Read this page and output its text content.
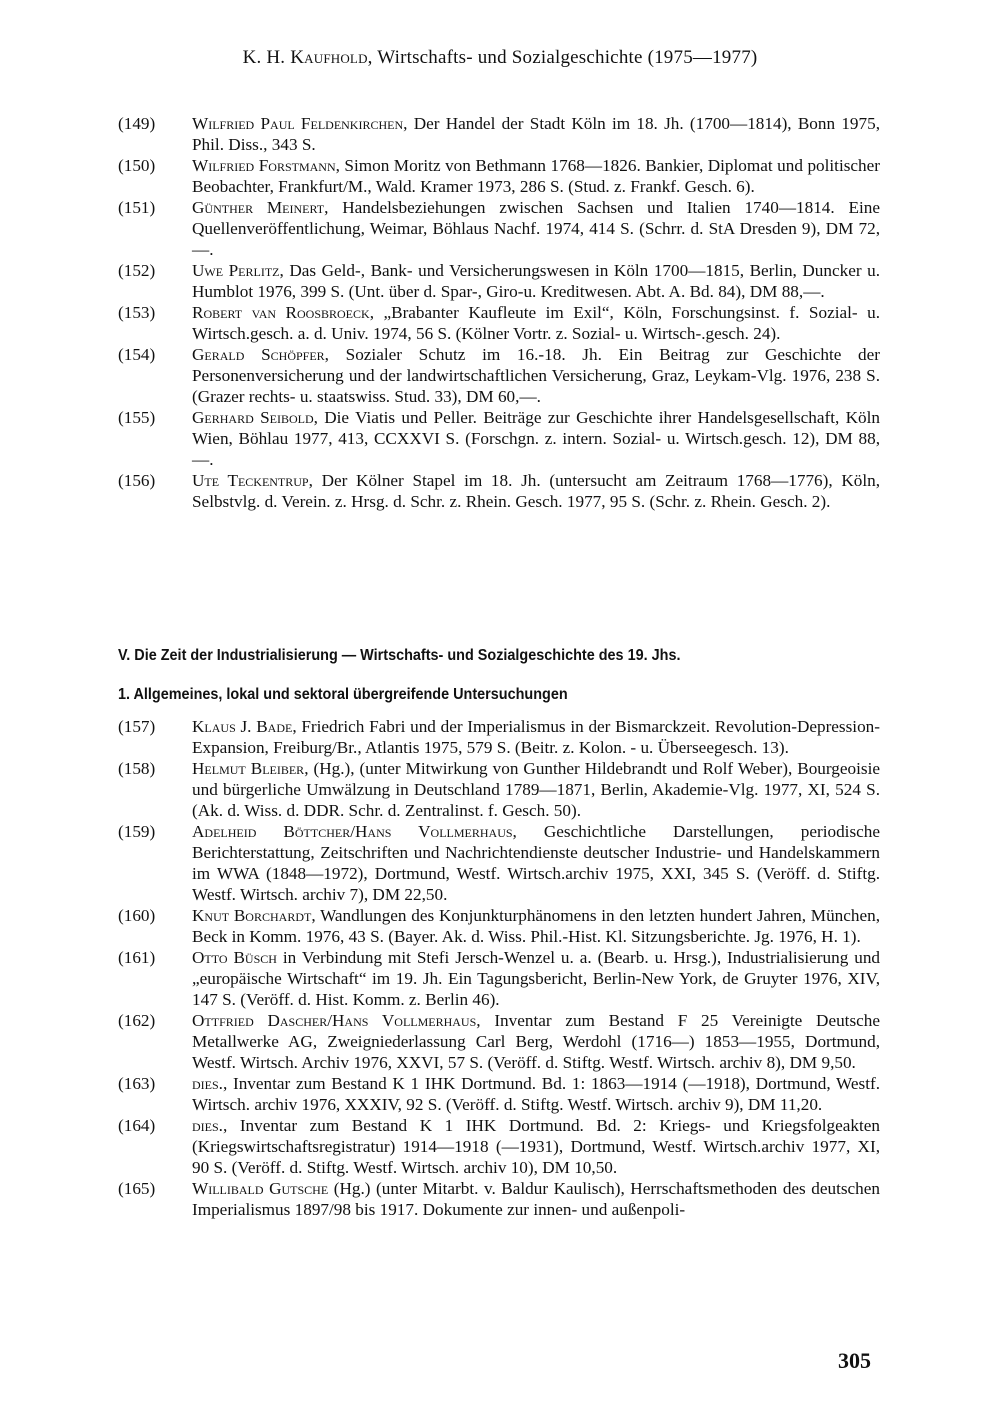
K. H. Kaufhold, Wirtschafts- und Sozialgeschichte (1975—1977)

(149) Wilfried Paul Feldenkirchen, Der Handel der Stadt Köln im 18. Jh. (1700—1814), Bonn 1975, Phil. Diss., 343 S.

(150) Wilfried Forstmann, Simon Moritz von Bethmann 1768—1826. Bankier, Diplomat und politischer Beobachter, Frankfurt/M., Wald. Kramer 1973, 286 S. (Stud. z. Frankf. Gesch. 6).

(151) Günther Meinert, Handelsbeziehungen zwischen Sachsen und Italien 1740—1814. Eine Quellenveröffentlichung, Weimar, Böhlaus Nachf. 1974, 414 S. (Schrr. d. StA Dresden 9), DM 72,—.

(152) Uwe Perlitz, Das Geld-, Bank- und Versicherungswesen in Köln 1700—1815, Berlin, Duncker u. Humblot 1976, 399 S. (Unt. über d. Spar-, Giro-u. Kreditwesen. Abt. A. Bd. 84), DM 88,—.

(153) Robert van Roosbroeck, „Brabanter Kaufleute im Exil“, Köln, Forschungsinst. f. Sozial- u. Wirtsch.gesch. a. d. Univ. 1974, 56 S. (Kölner Vortr. z. Sozial- u. Wirtsch-.gesch. 24).

(154) Gerald Schöpfer, Sozialer Schutz im 16.-18. Jh. Ein Beitrag zur Geschichte der Personenversicherung und der landwirtschaftlichen Versicherung, Graz, Leykam-Vlg. 1976, 238 S. (Grazer rechts- u. staatswiss. Stud. 33), DM 60,—.

(155) Gerhard Seibold, Die Viatis und Peller. Beiträge zur Geschichte ihrer Handelsgesellschaft, Köln Wien, Böhlau 1977, 413, CCXXVI S. (Forschgn. z. intern. Sozial- u. Wirtsch.gesch. 12), DM 88,—.

(156) Ute Teckentrup, Der Kölner Stapel im 18. Jh. (untersucht am Zeitraum 1768—1776), Köln, Selbstvlg. d. Verein. z. Hrsg. d. Schr. z. Rhein. Gesch. 1977, 95 S. (Schr. z. Rhein. Gesch. 2).

V. Die Zeit der Industrialisierung — Wirtschafts- und Sozialgeschichte des 19. Jhs.
1. Allgemeines, lokal und sektoral übergreifende Untersuchungen

(157) Klaus J. Bade, Friedrich Fabri und der Imperialismus in der Bismarckzeit. Revolution-Depression-Expansion, Freiburg/Br., Atlantis 1975, 579 S. (Beitr. z. Kolon. - u. Überseegesch. 13).

(158) Helmut Bleiber, (Hg.), (unter Mitwirkung von Gunther Hildebrandt und Rolf Weber), Bourgeoisie und bürgerliche Umwälzung in Deutschland 1789—1871, Berlin, Akademie-Vlg. 1977, XI, 524 S. (Ak. d. Wiss. d. DDR. Schr. d. Zentralinst. f. Gesch. 50).

(159) Adelheid Böttcher/Hans Vollmerhaus, Geschichtliche Darstellungen, periodische Berichterstattung, Zeitschriften und Nachrichtendienste deutscher Industrie- und Handelskammern im WWA (1848—1972), Dortmund, Westf. Wirtsch.archiv 1975, XXI, 345 S. (Veröff. d. Stiftg. Westf. Wirtsch. archiv 7), DM 22,50.

(160) Knut Borchardt, Wandlungen des Konjunkturphänomens in den letzten hundert Jahren, München, Beck in Komm. 1976, 43 S. (Bayer. Ak. d. Wiss. Phil.-Hist. Kl. Sitzungsberichte. Jg. 1976, H. 1).

(161) Otto Büsch in Verbindung mit Stefi Jersch-Wenzel u. a. (Bearb. u. Hrsg.), Industrialisierung und „europäische Wirtschaft“ im 19. Jh. Ein Tagungsbericht, Berlin-New York, de Gruyter 1976, XIV, 147 S. (Veröff. d. Hist. Komm. z. Berlin 46).

(162) Ottfried Dascher/Hans Vollmerhaus, Inventar zum Bestand F 25 Vereinigte Deutsche Metallwerke AG, Zweigniederlassung Carl Berg, Werdohl (1716—) 1853—1955, Dortmund, Westf. Wirtsch. Archiv 1976, XXVI, 57 S. (Veröff. d. Stiftg. Westf. Wirtsch. archiv 8), DM 9,50.

(163) dies., Inventar zum Bestand K 1 IHK Dortmund. Bd. 1: 1863—1914 (—1918), Dortmund, Westf. Wirtsch. archiv 1976, XXXIV, 92 S. (Veröff. d. Stiftg. Westf. Wirtsch. archiv 9), DM 11,20.

(164) dies., Inventar zum Bestand K 1 IHK Dortmund. Bd. 2: Kriegs- und Kriegsfolgeakten (Kriegswirtschaftsregistratur) 1914—1918 (—1931), Dortmund, Westf. Wirtsch.archiv 1977, XI, 90 S. (Veröff. d. Stiftg. Westf. Wirtsch. archiv 10), DM 10,50.

(165) Willibald Gutsche (Hg.) (unter Mitarbt. v. Baldur Kaulisch), Herrschaftsmethoden des deutschen Imperialismus 1897/98 bis 1917. Dokumente zur innen- und außenpoli-

305
